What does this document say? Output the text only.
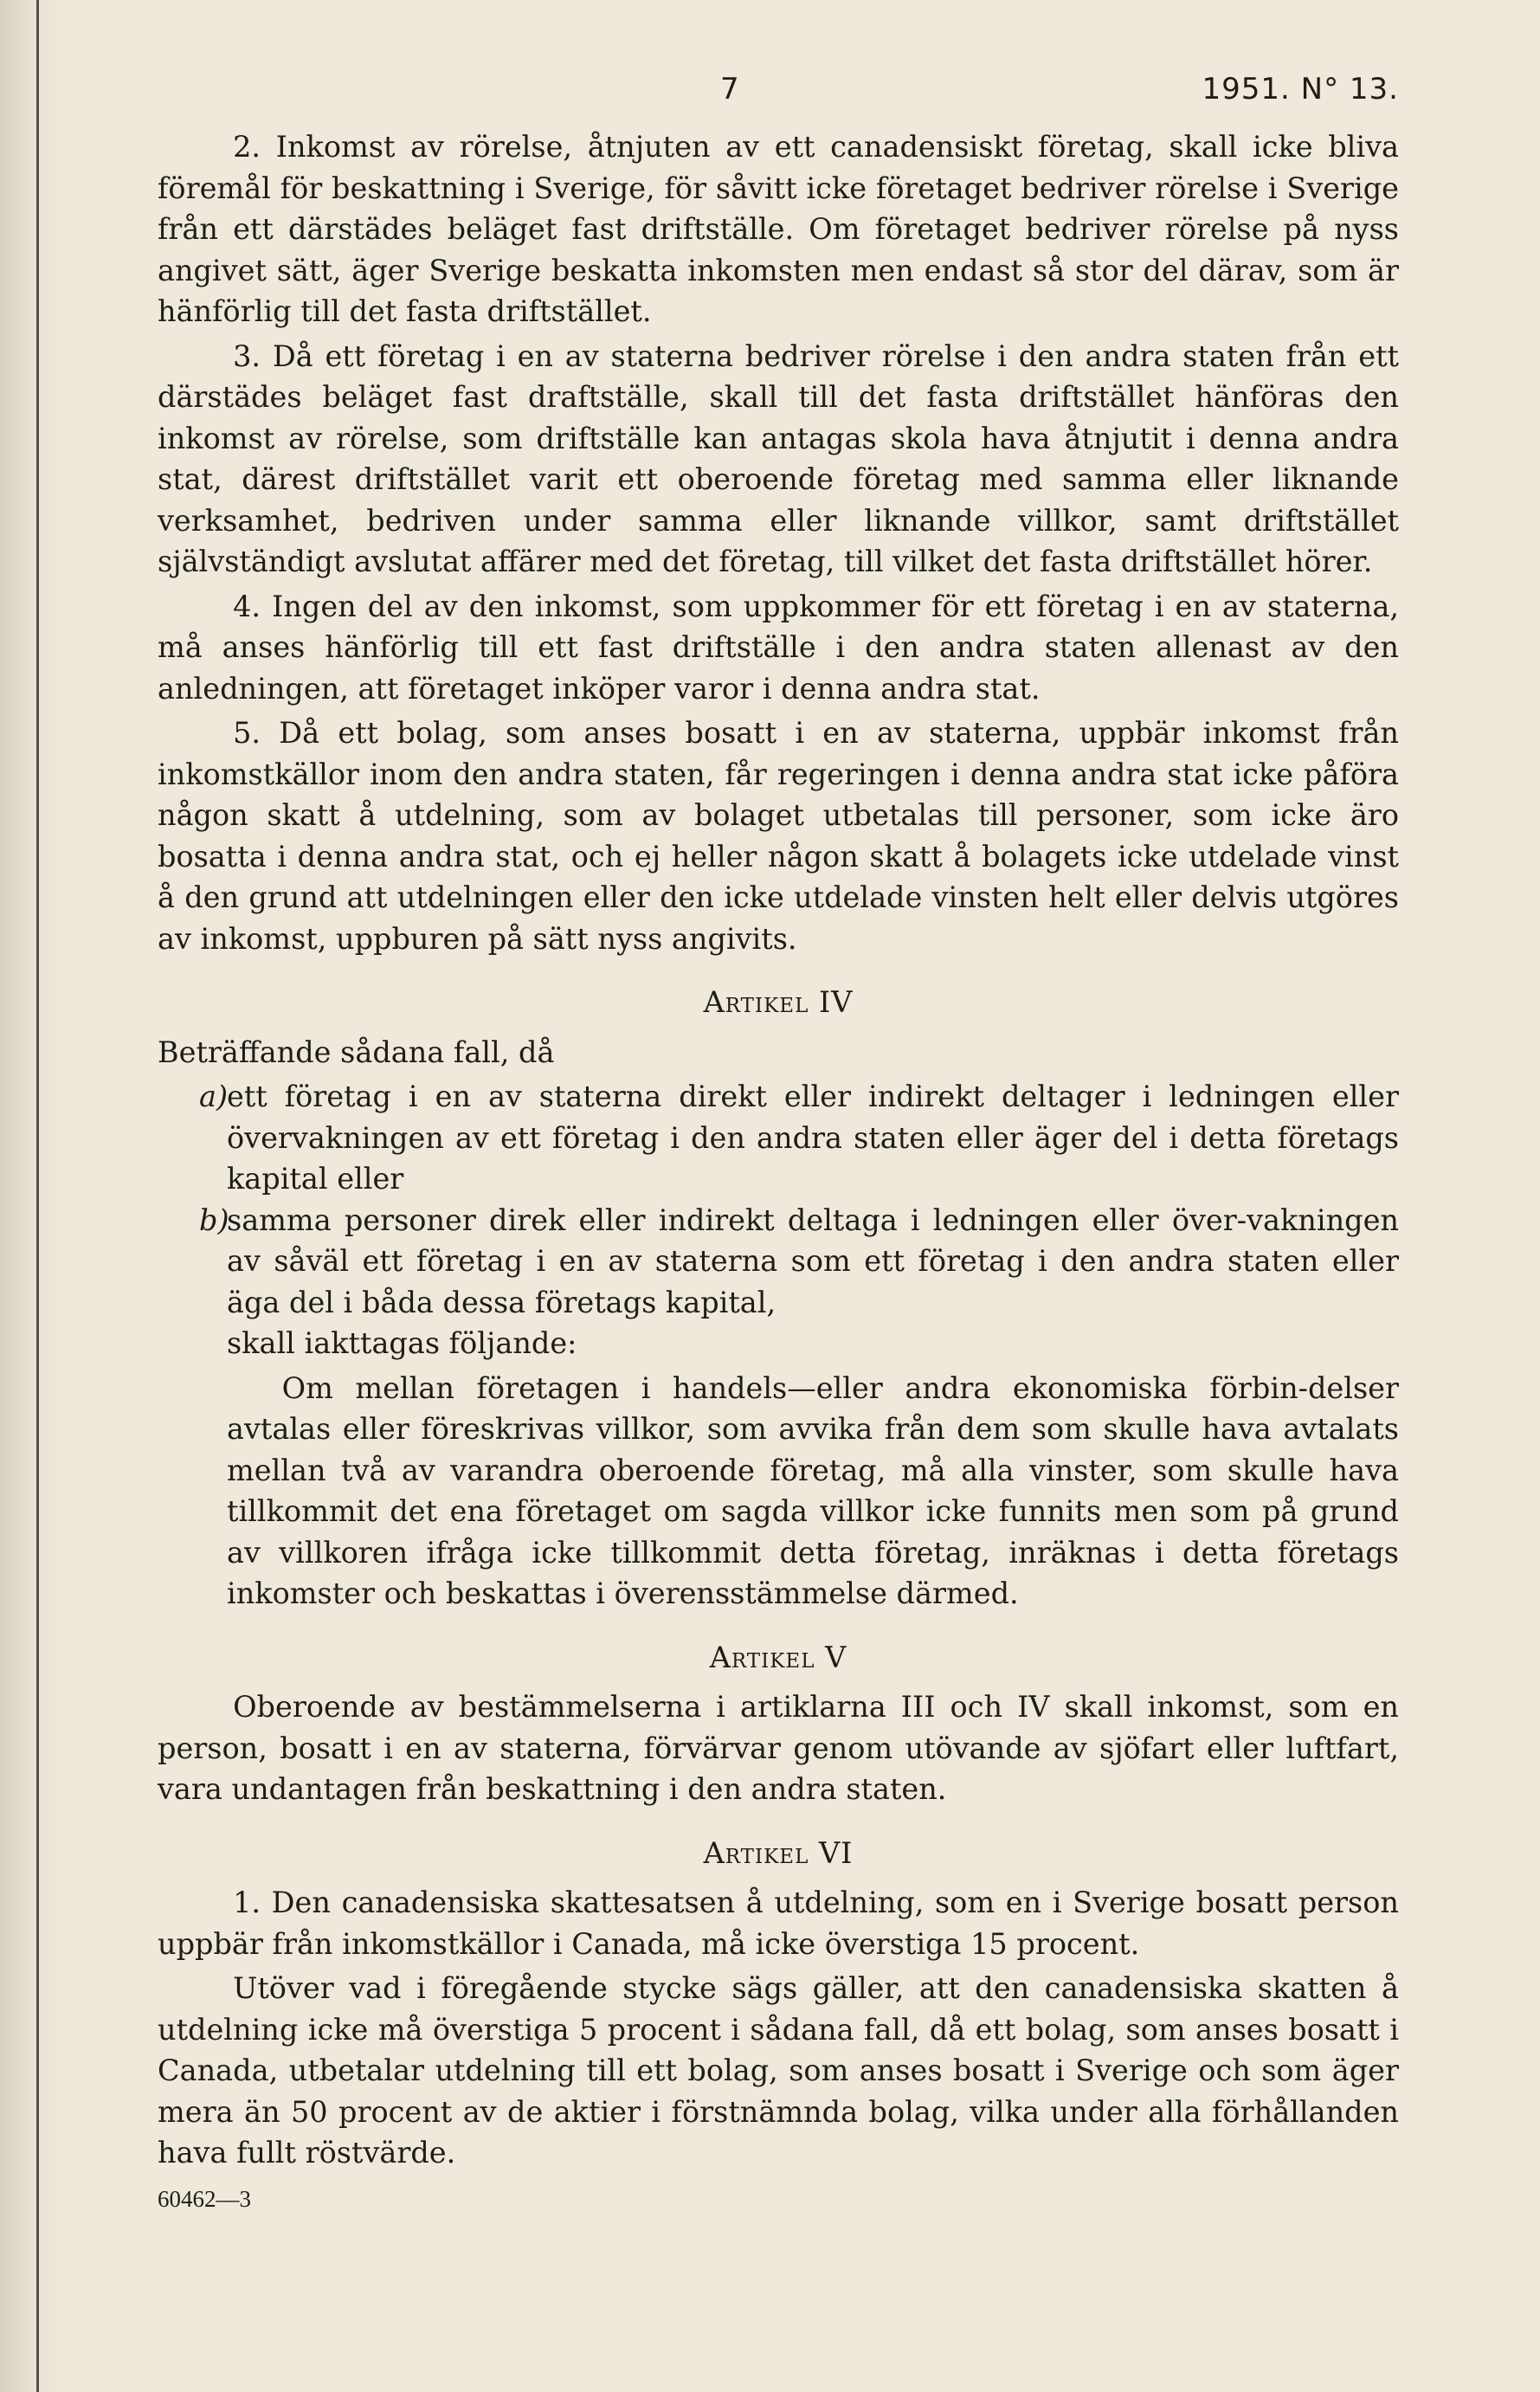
7	1951. N° 13.

2. Inkomst av rörelse, åtnjuten av ett canadensiskt företag, skall icke bliva föremål för beskattning i Sverige, för såvitt icke företaget bedriver rörelse i Sverige från ett därstädes beläget fast driftställe. Om företaget bedriver rörelse på nyss angivet sätt, äger Sverige beskatta inkomsten men endast så stor del därav, som är hänförlig till det fasta driftstället.

3. Då ett företag i en av staterna bedriver rörelse i den andra staten från ett därstädes beläget fast draftställe, skall till det fasta driftstället hänföras den inkomst av rörelse, som driftställe kan antagas skola hava åtnjutit i denna andra stat, därest driftstället varit ett oberoende företag med samma eller liknande verksamhet, bedriven under samma eller liknande villkor, samt driftstället självständigt avslutat affärer med det företag, till vilket det fasta driftstället hörer.

4. Ingen del av den inkomst, som uppkommer för ett företag i en av staterna, må anses hänförlig till ett fast driftställe i den andra staten allenast av den anledningen, att företaget inköper varor i denna andra stat.

5. Då ett bolag, som anses bosatt i en av staterna, uppbär inkomst från inkomstkällor inom den andra staten, får regeringen i denna andra stat icke påföra någon skatt å utdelning, som av bolaget utbetalas till personer, som icke äro bosatta i denna andra stat, och ej heller någon skatt å bolagets icke utdelade vinst å den grund att utdelningen eller den icke utdelade vinsten helt eller delvis utgöres av inkomst, uppburen på sätt nyss angivits.

Artikel IV

Beträffande sådana fall, då

a)
ett företag i en av staterna direkt eller indirekt deltager i ledningen eller övervakningen av ett företag i den andra staten eller äger del i detta företags kapital eller
b)
samma personer direk eller indirekt deltaga i ledningen eller över-vakningen av såväl ett företag i en av staterna som ett företag i den andra staten eller äga del i båda dessa företags kapital,

skall iakttagas följande:

Om mellan företagen i handels—eller andra ekonomiska förbin-delser avtalas eller föreskrivas villkor, som avvika från dem som skulle hava avtalats mellan två av varandra oberoende företag, må alla vinster, som skulle hava tillkommit det ena företaget om sagda villkor icke funnits men som på grund av villkoren ifråga icke tillkommit detta företag, inräknas i detta företags inkomster och beskattas i överensstämmelse därmed.

Artikel V

Oberoende av bestämmelserna i artiklarna III och IV skall inkomst, som en person, bosatt i en av staterna, förvärvar genom utövande av sjöfart eller luftfart, vara undantagen från beskattning i den andra staten.

Artikel VI

1. Den canadensiska skattesatsen å utdelning, som en i Sverige bosatt person uppbär från inkomstkällor i Canada, må icke överstiga 15 procent.

Utöver vad i föregående stycke sägs gäller, att den canadensiska skatten å utdelning icke må överstiga 5 procent i sådana fall, då ett bolag, som anses bosatt i Canada, utbetalar utdelning till ett bolag, som anses bosatt i Sverige och som äger mera än 50 procent av de aktier i förstnämnda bolag, vilka under alla förhållanden hava fullt röstvärde.

60462—3
